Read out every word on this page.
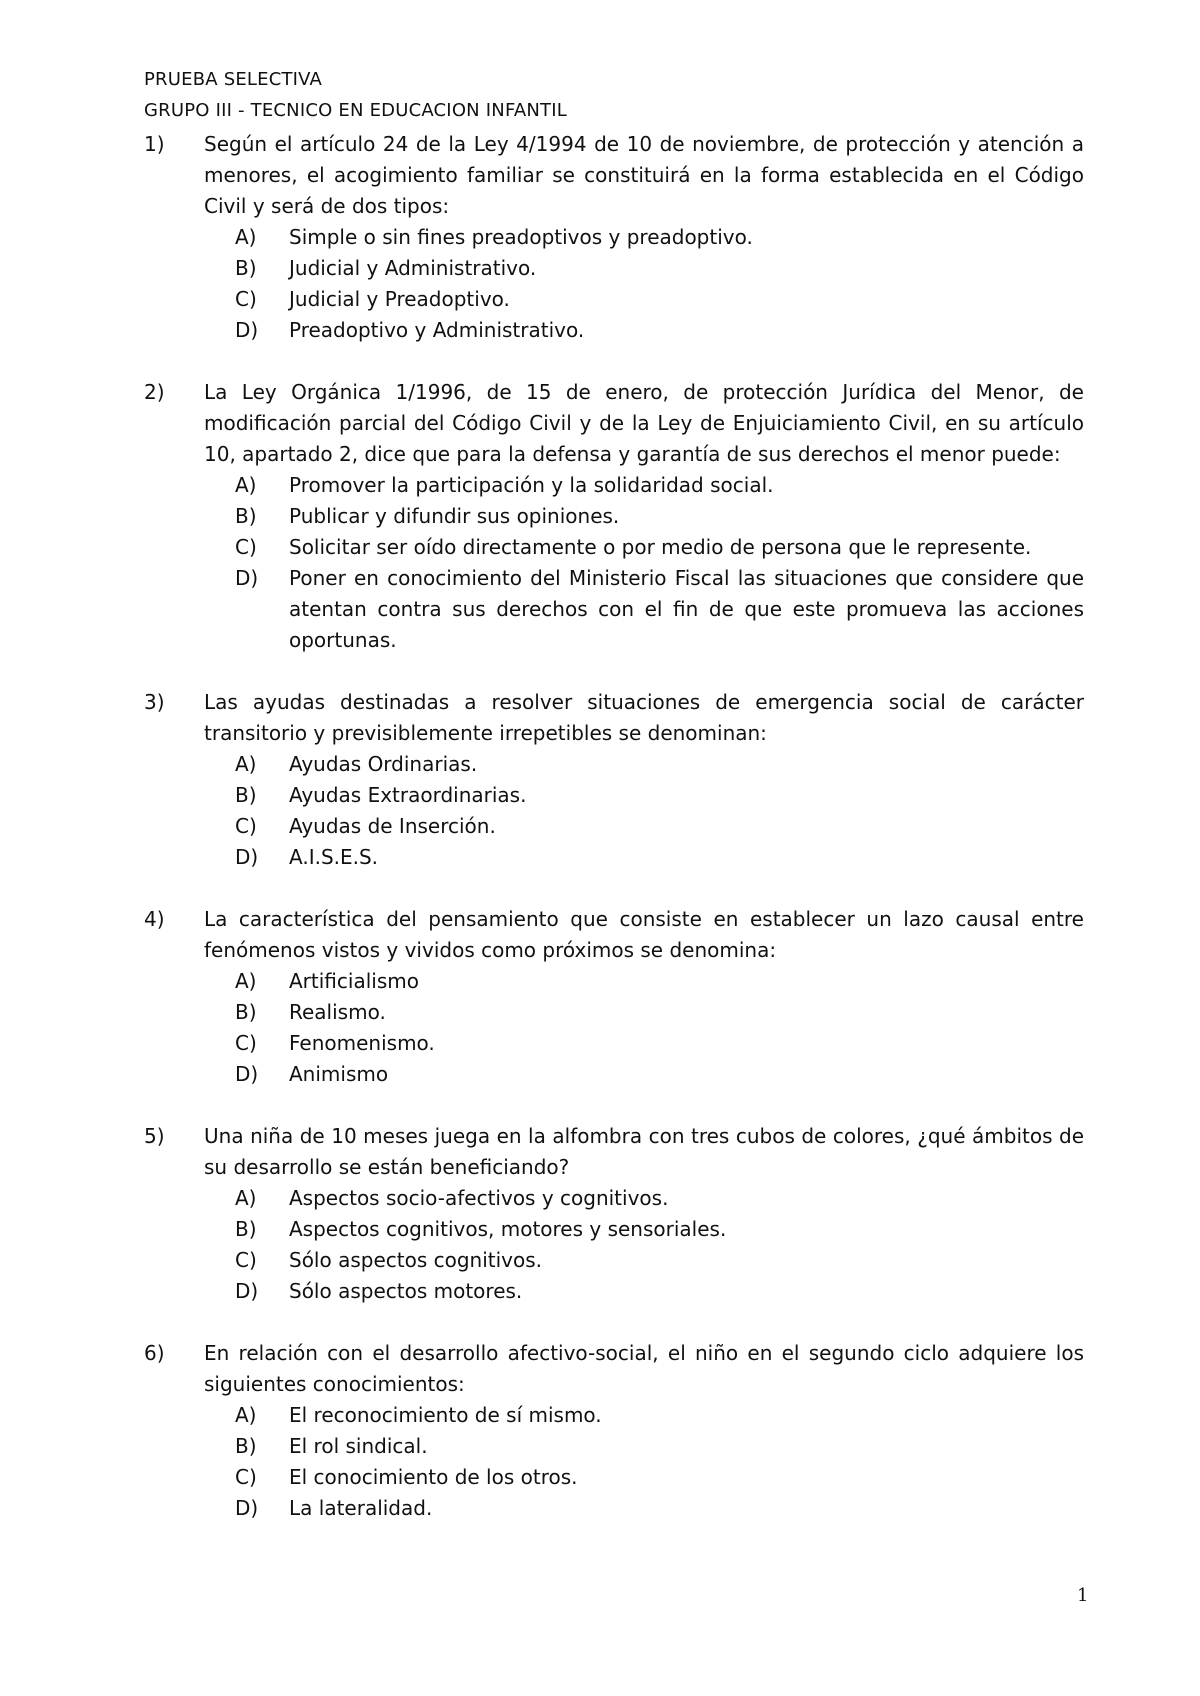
PRUEBA SELECTIVA
GRUPO III - TECNICO EN EDUCACION INFANTIL
1)	Según el artículo 24 de la Ley 4/1994 de 10 de noviembre, de protección y atención a menores, el acogimiento familiar se constituirá en la forma establecida en el Código Civil y será de dos tipos:
A)	Simple o sin fines preadoptivos y preadoptivo.
B)	Judicial y Administrativo.
C)	Judicial y Preadoptivo.
D)	Preadoptivo y Administrativo.
2)	La Ley Orgánica 1/1996, de 15 de enero, de protección Jurídica del Menor, de modificación parcial del Código Civil y de la Ley de Enjuiciamiento Civil, en su artículo 10, apartado 2, dice que para la defensa y garantía de sus derechos el menor puede:
A)	Promover la participación y la solidaridad social.
B)	Publicar y difundir sus opiniones.
C)	Solicitar ser oído directamente o por medio de persona que le represente.
D)	Poner en conocimiento del Ministerio Fiscal las situaciones que considere que atentan contra sus derechos con el fin de que este promueva las acciones oportunas.
3)	Las ayudas destinadas a resolver situaciones de emergencia social de carácter transitorio y previsiblemente irrepetibles se denominan:
A)	Ayudas Ordinarias.
B)	Ayudas Extraordinarias.
C)	Ayudas de Inserción.
D)	A.I.S.E.S.
4)	La característica del pensamiento que consiste en establecer un lazo causal entre fenómenos vistos y vividos como próximos se denomina:
A)	Artificialismo
B)	Realismo.
C)	Fenomenismo.
D)	Animismo
5)	Una niña de 10 meses juega en la alfombra con tres cubos de colores, ¿qué ámbitos de su desarrollo se están beneficiando?
A)	Aspectos socio-afectivos y cognitivos.
B)	Aspectos cognitivos, motores y sensoriales.
C)	Sólo aspectos cognitivos.
D)	Sólo aspectos motores.
6)	En relación con el desarrollo afectivo-social, el niño en el segundo ciclo adquiere los siguientes conocimientos:
A)	El reconocimiento de sí mismo.
B)	El rol sindical.
C)	El conocimiento de los otros.
D)	La lateralidad.
1
